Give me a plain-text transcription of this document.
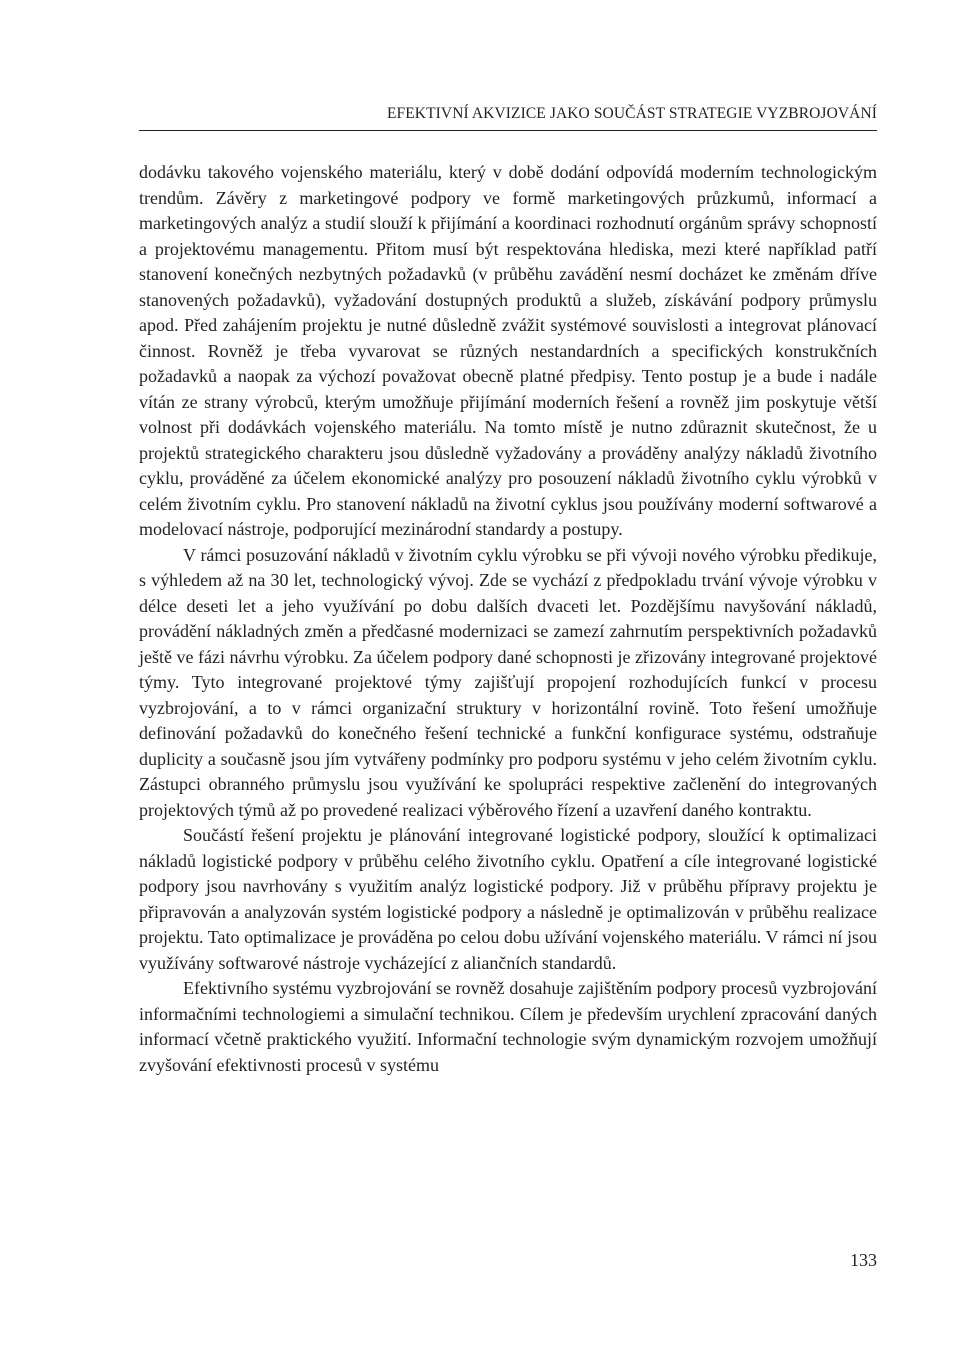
EFEKTIVNÍ AKVIZICE JAKO SOUČÁST STRATEGIE VYZBROJOVÁNÍ

dodávku takového vojenského materiálu, který v době dodání odpovídá moderním technologickým trendům. Závěry z marketingové podpory ve formě marketingových průzkumů, informací a marketingových analýz a studií slouží k přijímání a koordinaci rozhodnutí orgánům správy schopností a projektovému managementu. Přitom musí být respektována hlediska, mezi které například patří stanovení konečných nezbytných požadavků (v průběhu zavádění nesmí docházet ke změnám dříve stanovených požadavků), vyžadování dostupných produktů a služeb, získávání podpory průmyslu apod. Před zahájením projektu je nutné důsledně zvážit systémové souvislosti a integrovat plánovací činnost. Rovněž je třeba vyvarovat se různých nestandardních a specifických konstrukčních požadavků a naopak za výchozí považovat obecně platné předpisy. Tento postup je a bude i nadále vítán ze strany výrobců, kterým umožňuje přijímání moderních řešení a rovněž jim poskytuje větší volnost při dodávkách vojenského materiálu. Na tomto místě je nutno zdůraznit skutečnost, že u projektů strategického charakteru jsou důsledně vyžadovány a prováděny analýzy nákladů životního cyklu, prováděné za účelem ekonomické analýzy pro posouzení nákladů životního cyklu výrobků v celém životním cyklu. Pro stanovení nákladů na životní cyklus jsou používány moderní softwarové a modelovací nástroje, podporující mezinárodní standardy a postupy.

V rámci posuzování nákladů v životním cyklu výrobku se při vývoji nového výrobku předikuje, s výhledem až na 30 let, technologický vývoj. Zde se vychází z předpokladu trvání vývoje výrobku v délce deseti let a jeho využívání po dobu dalších dvaceti let. Pozdějšímu navyšování nákladů, provádění nákladných změn a předčasné modernizaci se zamezí zahrnutím perspektivních požadavků ještě ve fázi návrhu výrobku. Za účelem podpory dané schopnosti je zřizovány integrované projektové týmy. Tyto integrované projektové týmy zajišťují propojení rozhodujících funkcí v procesu vyzbrojování, a to v rámci organizační struktury v horizontální rovině. Toto řešení umožňuje definování požadavků do konečného řešení technické a funkční konfigurace systému, odstraňuje duplicity a současně jsou jím vytvářeny podmínky pro podporu systému v jeho celém životním cyklu. Zástupci obranného průmyslu jsou využívání ke spolupráci respektive začlenění do integrovaných projektových týmů až po provedené realizaci výběrového řízení a uzavření daného kontraktu.

Součástí řešení projektu je plánování integrované logistické podpory, sloužící k optimalizaci nákladů logistické podpory v průběhu celého životního cyklu. Opatření a cíle integrované logistické podpory jsou navrhovány s využitím analýz logistické podpory. Již v průběhu přípravy projektu je připravován a analyzován systém logistické podpory a následně je optimalizován v průběhu realizace projektu. Tato optimalizace je prováděna po celou dobu užívání vojenského materiálu. V rámci ní jsou využívány softwarové nástroje vycházející z aliančních standardů.

Efektivního systému vyzbrojování se rovněž dosahuje zajištěním podpory procesů vyzbrojování informačními technologiemi a simulační technikou. Cílem je především urychlení zpracování daných informací včetně praktického využití. Informační technologie svým dynamickým rozvojem umožňují zvyšování efektivnosti procesů v systému

133
